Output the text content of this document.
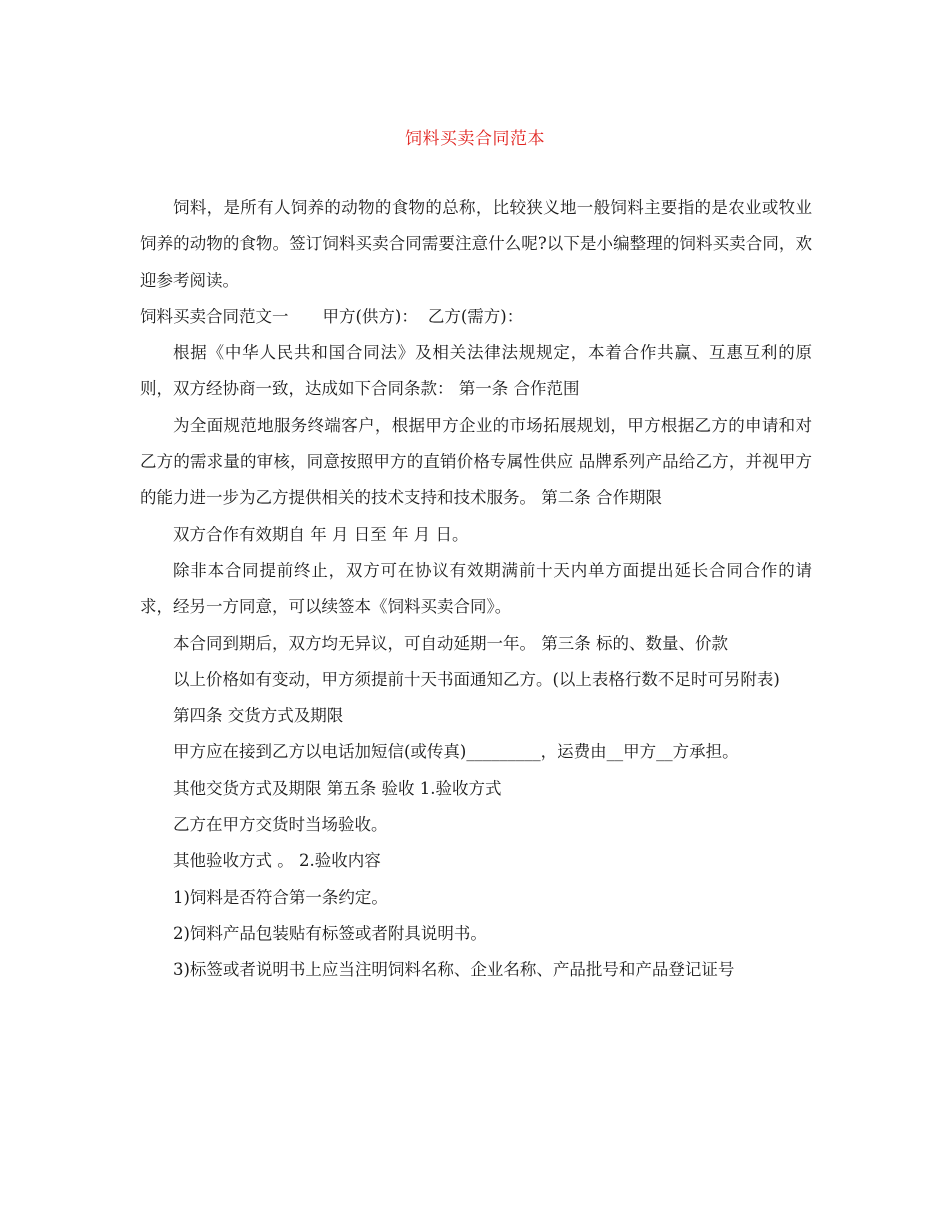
饲料买卖合同范本

饲料，是所有人饲养的动物的食物的总称，比较狭义地一般饲料主要指的是农业或牧业饲养的动物的食物。签订饲料买卖合同需要注意什么呢?以下是小编整理的饲料买卖合同，欢迎参考阅读。

饲料买卖合同范文一 甲方(供方)： 乙方(需方)：

根据《中华人民共和国合同法》及相关法律法规规定，本着合作共赢、互惠互利的原则，双方经协商一致，达成如下合同条款： 第一条 合作范围

为全面规范地服务终端客户，根据甲方企业的市场拓展规划，甲方根据乙方的申请和对乙方的需求量的审核，同意按照甲方的直销价格专属性供应 品牌系列产品给乙方，并视甲方的能力进一步为乙方提供相关的技术支持和技术服务。 第二条 合作期限

双方合作有效期自 年 月 日至 年 月 日。

除非本合同提前终止，双方可在协议有效期满前十天内单方面提出延长合同合作的请求，经另一方同意，可以续签本《饲料买卖合同》。

本合同到期后，双方均无异议，可自动延期一年。 第三条 标的、数量、价款

以上价格如有变动，甲方须提前十天书面通知乙方。(以上表格行数不足时可另附表)

第四条 交货方式及期限

甲方应在接到乙方以电话加短信(或传真)_________，运费由__甲方__方承担。

其他交货方式及期限 第五条 验收 1.验收方式

乙方在甲方交货时当场验收。

其他验收方式 。 2.验收内容

1)饲料是否符合第一条约定。

2)饲料产品包装贴有标签或者附具说明书。

3)标签或者说明书上应当注明饲料名称、企业名称、产品批号和产品登记证号
